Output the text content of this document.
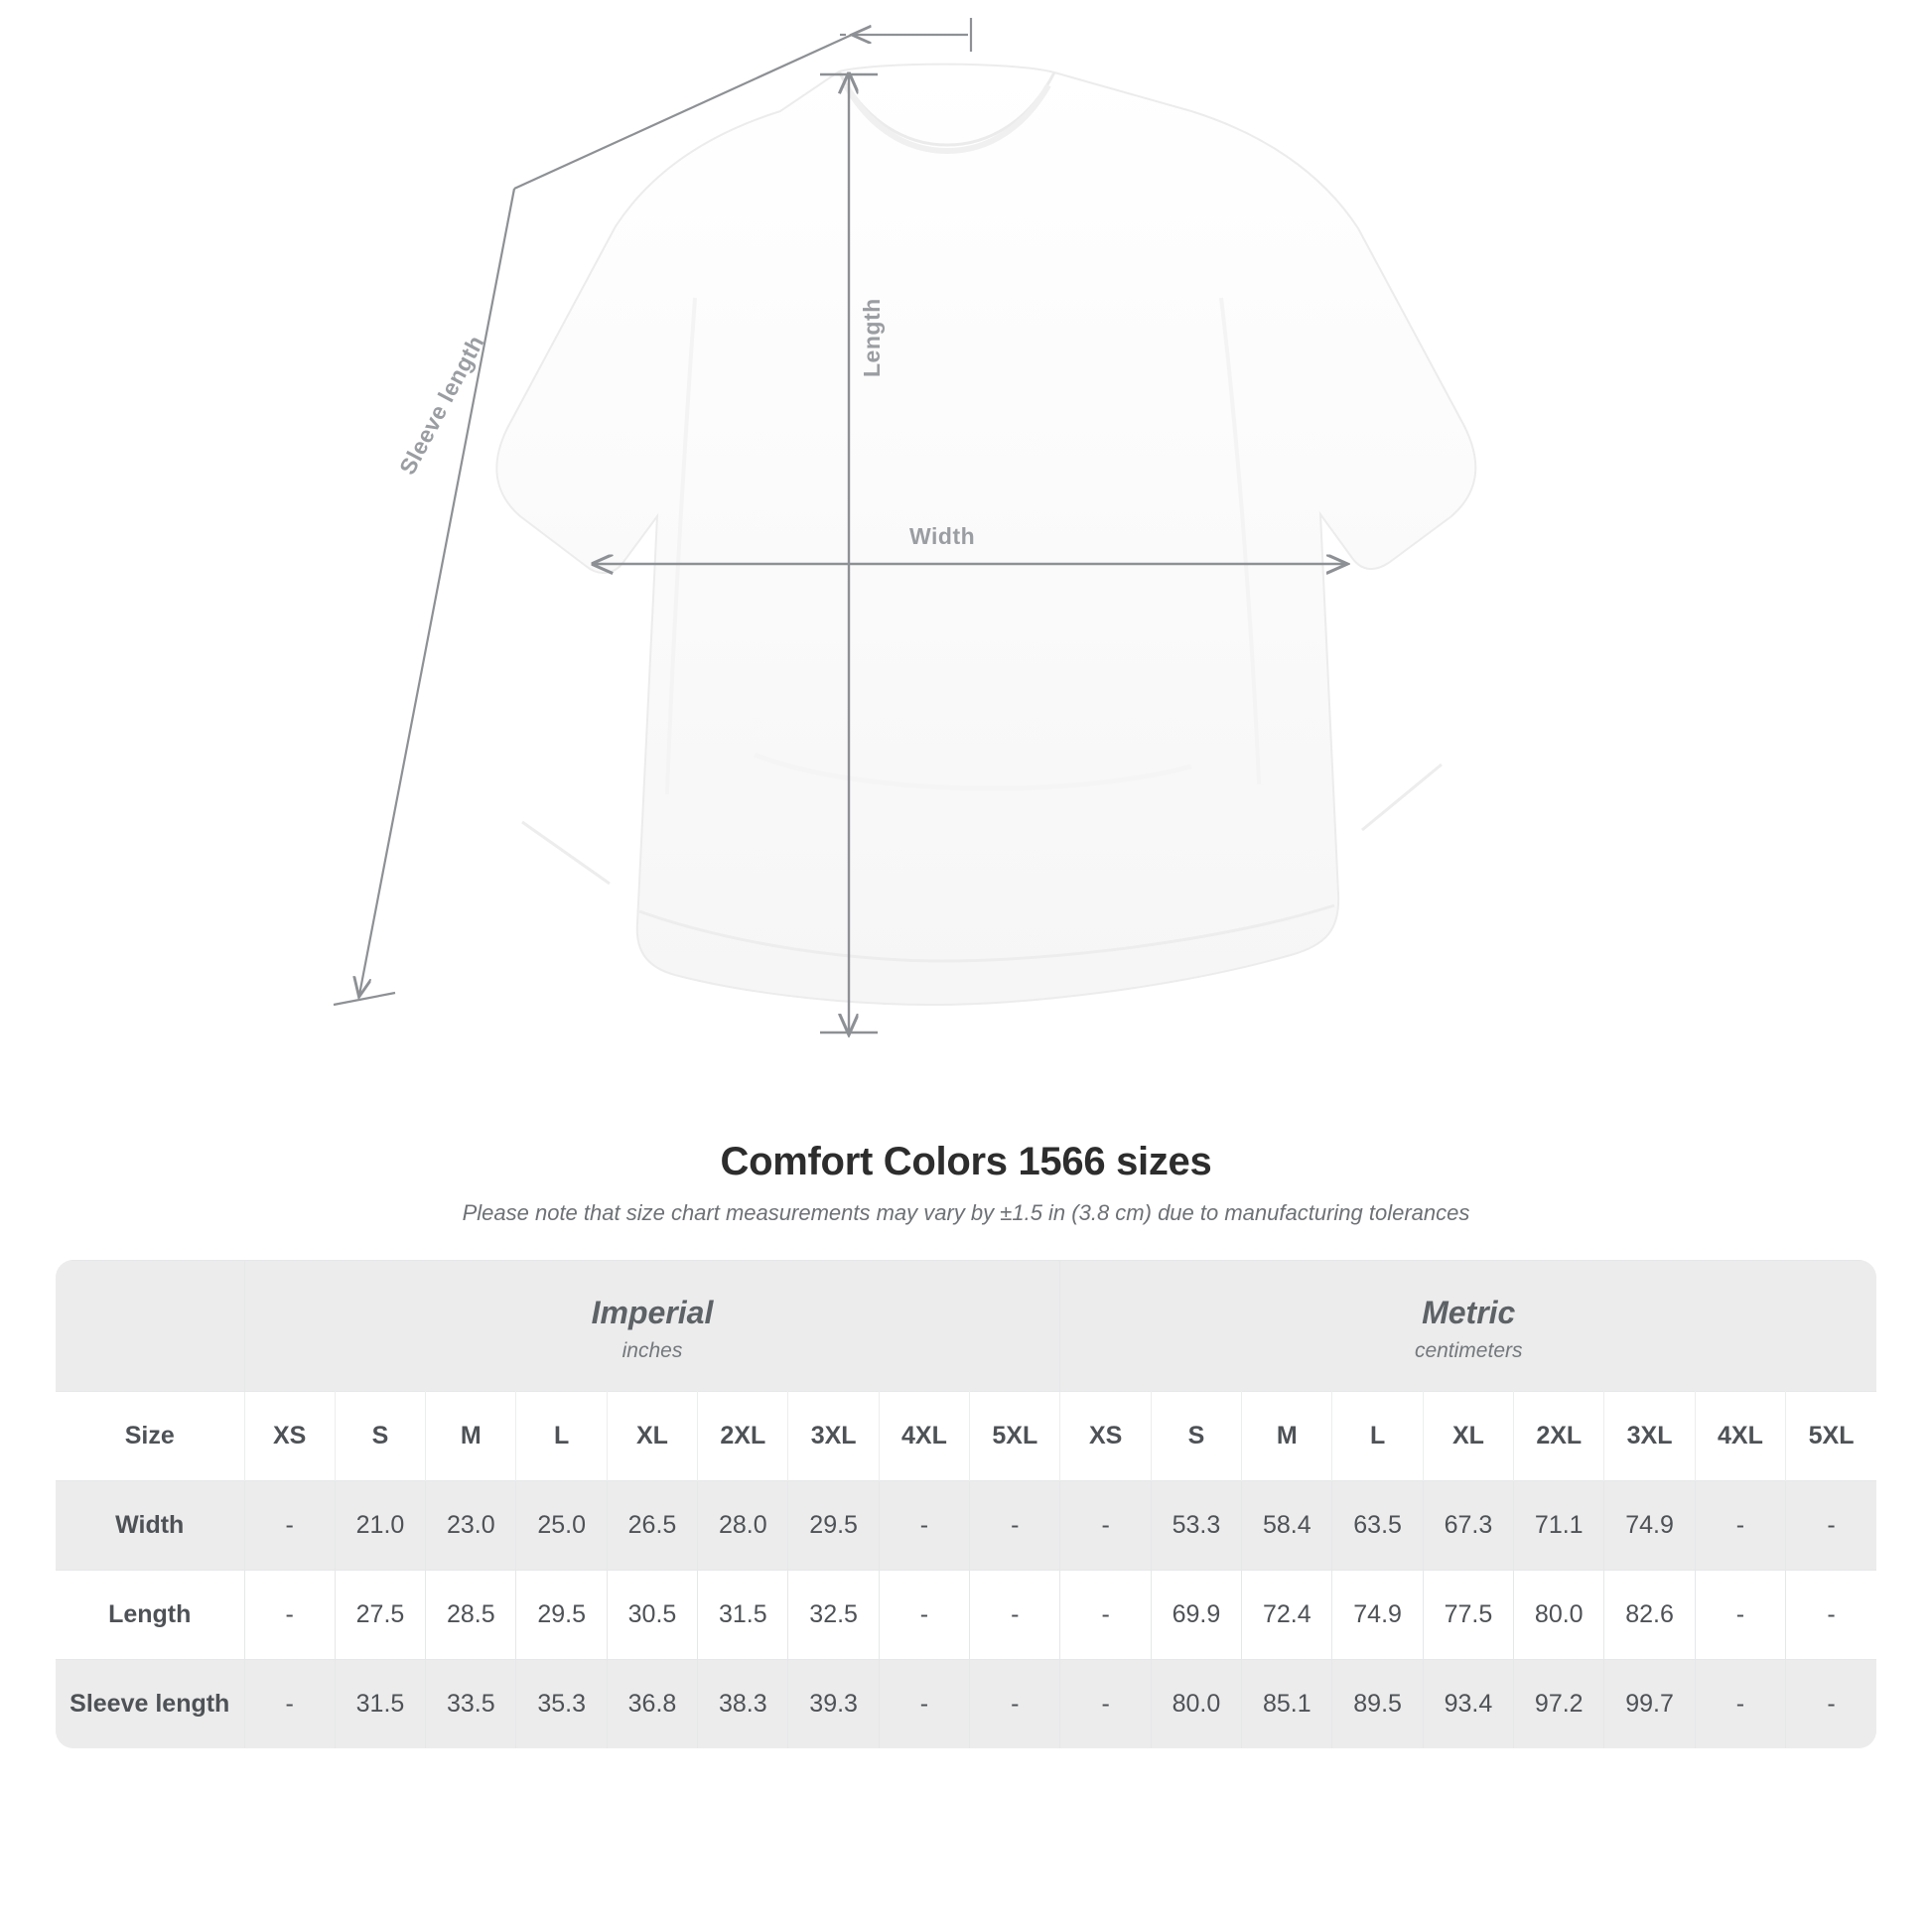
Width
Length
Sleeve length
Comfort Colors 1566 sizes
Please note that size chart measurements may vary by ±1.5 in (3.8 cm) due to manufacturing tolerances

Imperial
inches

Metric
centimeters

Size	XS	S	M	L	XL	2XL	3XL	4XL	5XL	XS	S	M	L	XL	2XL	3XL	4XL	5XL
Width	-	21.0	23.0	25.0	26.5	28.0	29.5	-	-	-	53.3	58.4	63.5	67.3	71.1	74.9	-	-
Length	-	27.5	28.5	29.5	30.5	31.5	32.5	-	-	-	69.9	72.4	74.9	77.5	80.0	82.6	-	-
Sleeve length	-	31.5	33.5	35.3	36.8	38.3	39.3	-	-	-	80.0	85.1	89.5	93.4	97.2	99.7	-	-
